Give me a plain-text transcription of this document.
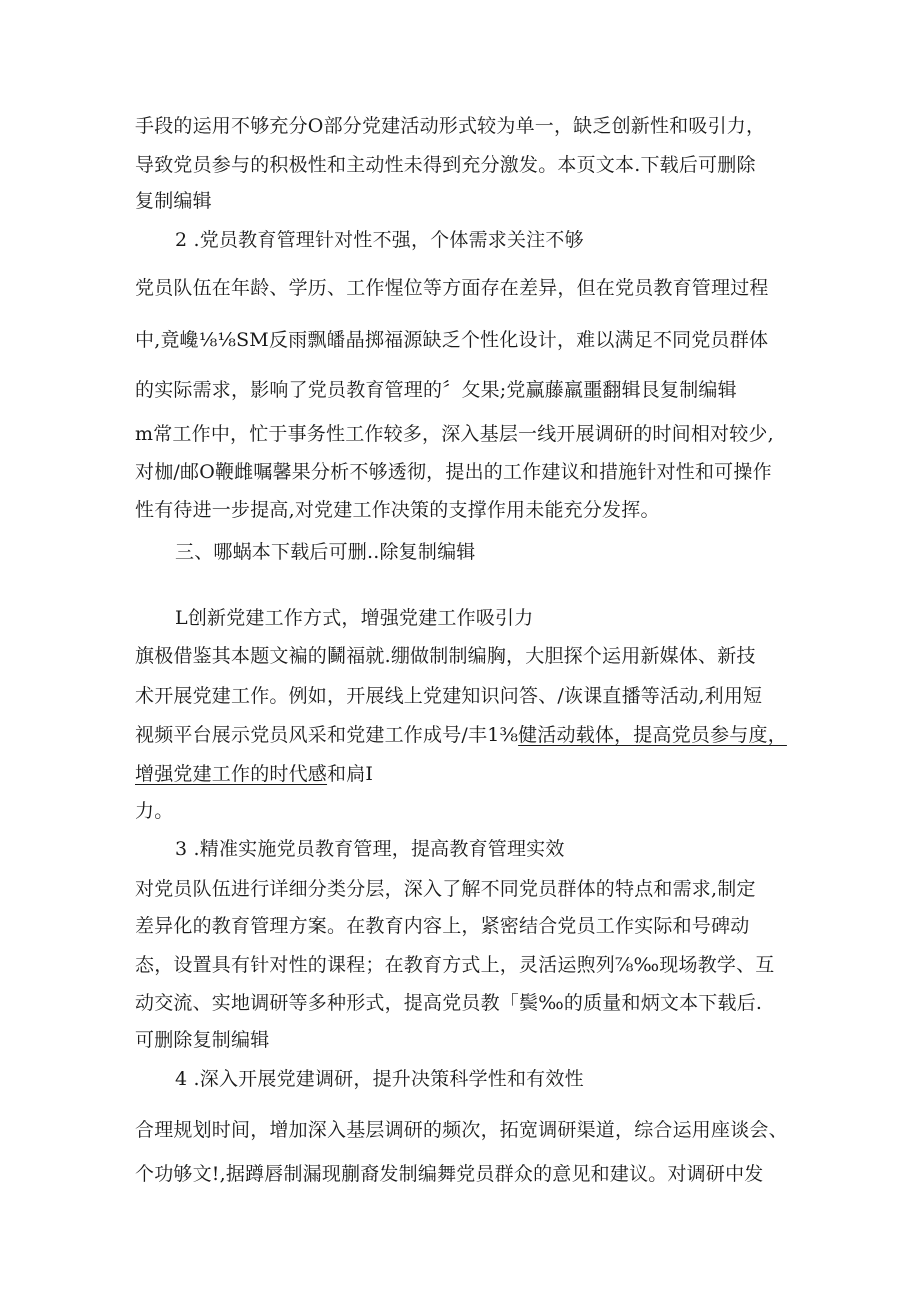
手段的运用不够充分O部分党建活动形式较为单一，缺乏创新性和吸引力，
导致党员参与的积极性和主动性未得到充分激发。本页文本.下载后可删除
复制编辑
2 .党员教育管理针对性不强，个体需求关注不够
党员队伍在年龄、学历、工作惺位等方面存在差异，但在党员教育管理过程
中,竟巉⅛⅛SM反雨飘皤晶掷福源缺乏个性化设计，难以满足不同党员群体
的实际需求，影响了党员教育管理的〞攵果;党赢藤羸噩翻辑艮复制编辑
m常工作中，忙于事务性工作较多，深入基层一线开展调研的时间相对较少,
对枷/邮O鞭雌嘱馨果分析不够透彻，提出的工作建议和措施针对性和可操作
性有待进一步提高,对党建工作决策的支撑作用未能充分发挥。
三、哪蜗本下载后可删..除复制编辑
L创新党建工作方式，增强党建工作吸引力
旗极借鉴其本题文褊的鬭福就.绷做制制编胸，大胆探个运用新媒体、新技
术开展党建工作。例如，开展线上党建知识问答、∕诙课直播等活动,利用短
视频平台展示党员风采和党建工作成号/丰1⅜健活动载体，提高党员参与度，
增强党建工作的时代感和扃I
力。
3 .精准实施党员教育管理，提高教育管理实效
对党员队伍进行详细分类分层，深入了解不同党员群体的特点和需求,制定
差异化的教育管理方案。在教育内容上，紧密结合党员工作实际和号碑动
态，设置具有针对性的课程；在教育方式上，灵活运煦列⅞‰现场教学、互
动交流、实地调研等多种形式，提高党员教「鬓‰的质量和炳文本下载后.
可删除复制编辑
4 .深入开展党建调研，提升决策科学性和有效性
合理规划时间，增加深入基层调研的频次，拓宽调研渠道，综合运用座谈会、
个功够文!,据蹲唇制漏现蒯裔发制编舞党员群众的意见和建议。对调研中发
